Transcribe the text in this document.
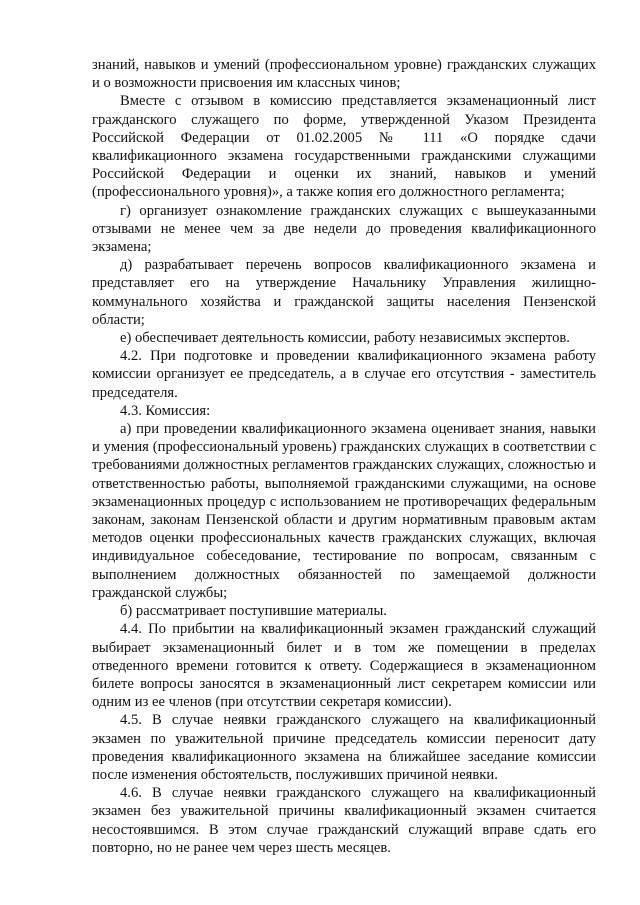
знаний, навыков и умений (профессиональном уровне) гражданских служащих и о возможности присвоения им классных чинов;

Вместе с отзывом в комиссию представляется экзаменационный лист гражданского служащего по форме, утвержденной Указом Президента Российской Федерации от 01.02.2005 № 111 «О порядке сдачи квалификационного экзамена государственными гражданскими служащими Российской Федерации и оценки их знаний, навыков и умений (профессионального уровня)», а также копия его должностного регламента;

г) организует ознакомление гражданских служащих с вышеуказанными отзывами не менее чем за две недели до проведения квалификационного экзамена;

д) разрабатывает перечень вопросов квалификационного экзамена и представляет его на утверждение Начальнику Управления жилищно-коммунального хозяйства и гражданской защиты населения Пензенской области;

е) обеспечивает деятельность комиссии, работу независимых экспертов.

4.2. При подготовке и проведении квалификационного экзамена работу комиссии организует ее председатель, а в случае его отсутствия - заместитель председателя.

4.3. Комиссия:

а) при проведении квалификационного экзамена оценивает знания, навыки и умения (профессиональный уровень) гражданских служащих в соответствии с требованиями должностных регламентов гражданских служащих, сложностью и ответственностью работы, выполняемой гражданскими служащими, на основе экзаменационных процедур с использованием не противоречащих федеральным законам, законам Пензенской области и другим нормативным правовым актам методов оценки профессиональных качеств гражданских служащих, включая индивидуальное собеседование, тестирование по вопросам, связанным с выполнением должностных обязанностей по замещаемой должности гражданской службы;

б) рассматривает поступившие материалы.

4.4. По прибытии на квалификационный экзамен гражданский служащий выбирает экзаменационный билет и в том же помещении в пределах отведенного времени готовится к ответу. Содержащиеся в экзаменационном билете вопросы заносятся в экзаменационный лист секретарем комиссии или одним из ее членов (при отсутствии секретаря комиссии).

4.5. В случае неявки гражданского служащего на квалификационный экзамен по уважительной причине председатель комиссии переносит дату проведения квалификационного экзамена на ближайшее заседание комиссии после изменения обстоятельств, послуживших причиной неявки.

4.6. В случае неявки гражданского служащего на квалификационный экзамен без уважительной причины квалификационный экзамен считается несостоявшимся. В этом случае гражданский служащий вправе сдать его повторно, но не ранее чем через шесть месяцев.
